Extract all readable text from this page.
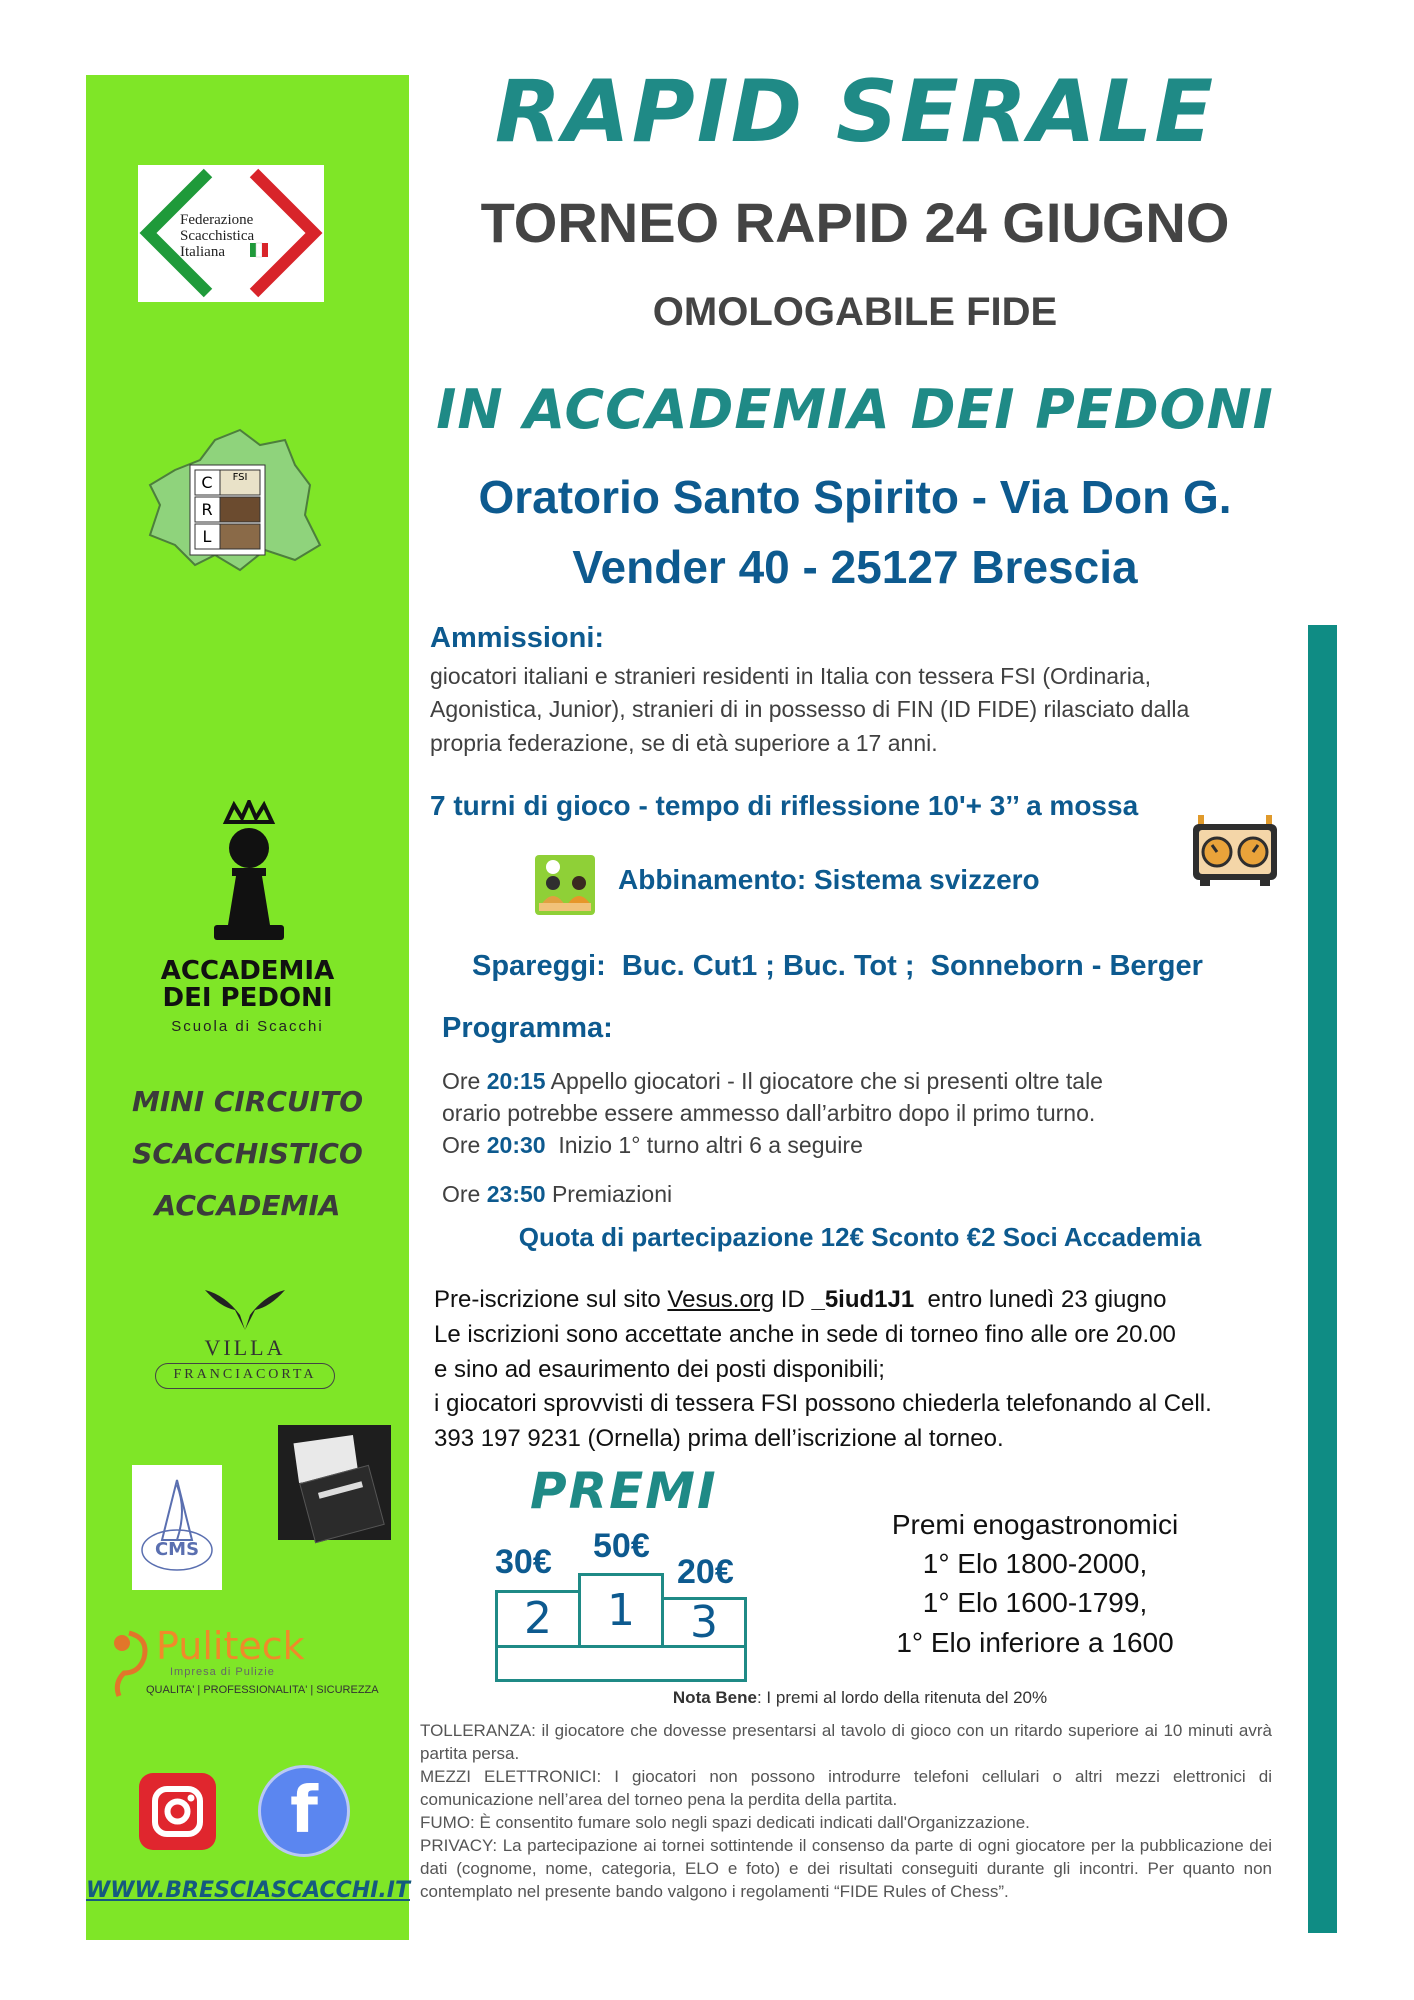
Federazione
Scacchistica
Italiana
C
R
L
FSI
ACCADEMIA
DEI PEDONI
Scuola di Scacchi
MINI CIRCUITO
SCACCHISTICO
ACCADEMIA
VILLA
FRANCIACORTA
CMS
Puliteck
Impresa di Pulizie
QUALITA' | PROFESSIONALITA' | SICUREZZA
f
WWW.BRESCIASCACCHI.IT
RAPID SERALE
TORNEO RAPID 24 GIUGNO
OMOLOGABILE FIDE
IN ACCADEMIA DEI PEDONI
Oratorio Santo Spirito - Via Don G.
Vender 40 - 25127 Brescia
Ammissioni:
giocatori italiani e stranieri residenti in Italia con tessera FSI (Ordinaria,
Agonistica, Junior), stranieri di in possesso di FIN (ID FIDE) rilasciato dalla
propria federazione, se di età superiore a 17 anni.
7 turni di gioco - tempo di riflessione 10'+ 3’’ a mossa
Abbinamento: Sistema svizzero
Spareggi:  Buc. Cut1 ; Buc. Tot ;  Sonneborn - Berger
Programma:
Ore 20:15 Appello giocatori - Il giocatore che si presenti oltre tale
orario potrebbe essere ammesso dall’arbitro dopo il primo turno.
Ore 20:30  Inizio 1° turno altri 6 a seguire
Ore 23:50 Premiazioni
Quota di partecipazione 12€ Sconto €2 Soci Accademia
Pre-iscrizione sul sito Vesus.org ID _5iud1J1  entro lunedì 23 giugno
Le iscrizioni sono accettate anche in sede di torneo fino alle ore 20.00
e sino ad esaurimento dei posti disponibili;
i giocatori sprovvisti di tessera FSI possono chiederla telefonando al Cell.
393 197 9231 (Ornella) prima dell’iscrizione al torneo.
PREMI
30€ 50€
20€
2	1	3
Premi enogastronomici
1° Elo 1800-2000,
1° Elo 1600-1799,
1° Elo inferiore a 1600
Nota Bene: I premi al lordo della ritenuta del 20%
TOLLERANZA: il giocatore che dovesse presentarsi al tavolo di gioco con un ritardo superiore ai 10 minuti avrà partita persa.
MEZZI ELETTRONICI: I giocatori non possono introdurre telefoni cellulari o altri mezzi elettronici di comunicazione nell’area del torneo pena la perdita della partita.
FUMO: È consentito fumare solo negli spazi dedicati indicati dall'Organizzazione.
PRIVACY: La partecipazione ai tornei sottintende il consenso da parte di ogni giocatore per la pubblicazione dei dati (cognome, nome, categoria, ELO e foto) e dei risultati conseguiti durante gli incontri. Per quanto non contemplato nel presente bando valgono i regolamenti “FIDE Rules of Chess”.
